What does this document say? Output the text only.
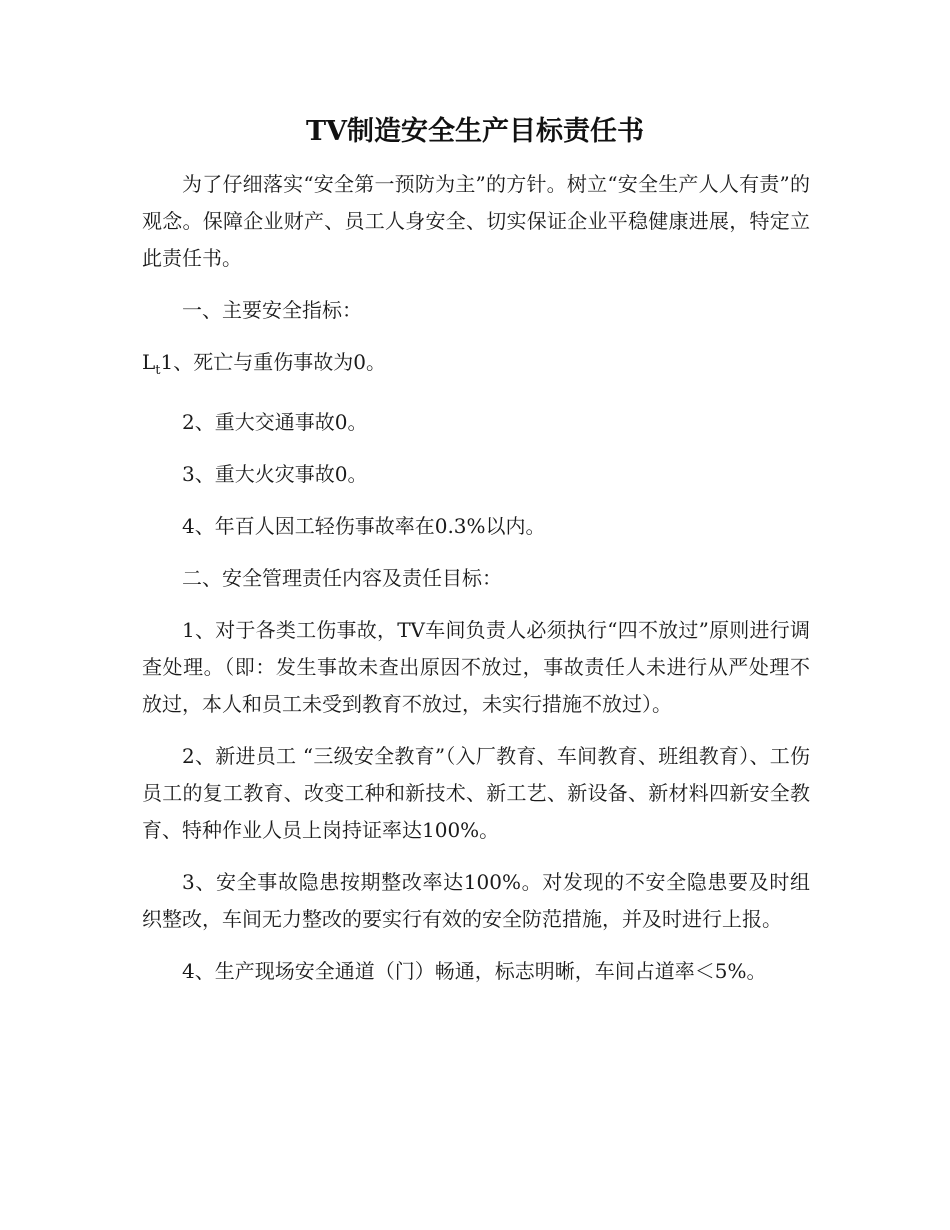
TV制造安全生产目标责任书

为了仔细落实“安全第一预防为主”的方针。树立“安全生产人人有责”的观念。保障企业财产、员工人身安全、切实保证企业平稳健康进展，特定立此责任书。

一、主要安全指标：

$L_t1$、死亡与重伤事故为0。

2、重大交通事故0。

3、重大火灾事故0。

4、年百人因工轻伤事故率在0.3%以内。

二、安全管理责任内容及责任目标：

1、对于各类工伤事故，TV车间负责人必须执行“四不放过”原则进行调查处理。（即：发生事故未查出原因不放过，事故责任人未进行从严处理不放过，本人和员工未受到教育不放过，未实行措施不放过）。

2、新进员工 “三级安全教育”（入厂教育、车间教育、班组教育）、工伤员工的复工教育、改变工种和新技术、新工艺、新设备、新材料四新安全教育、特种作业人员上岗持证率达100%。

3、安全事故隐患按期整改率达100%。对发现的不安全隐患要及时组织整改，车间无力整改的要实行有效的安全防范措施，并及时进行上报。

4、生产现场安全通道（门）畅通，标志明晰，车间占道率＜5%。
